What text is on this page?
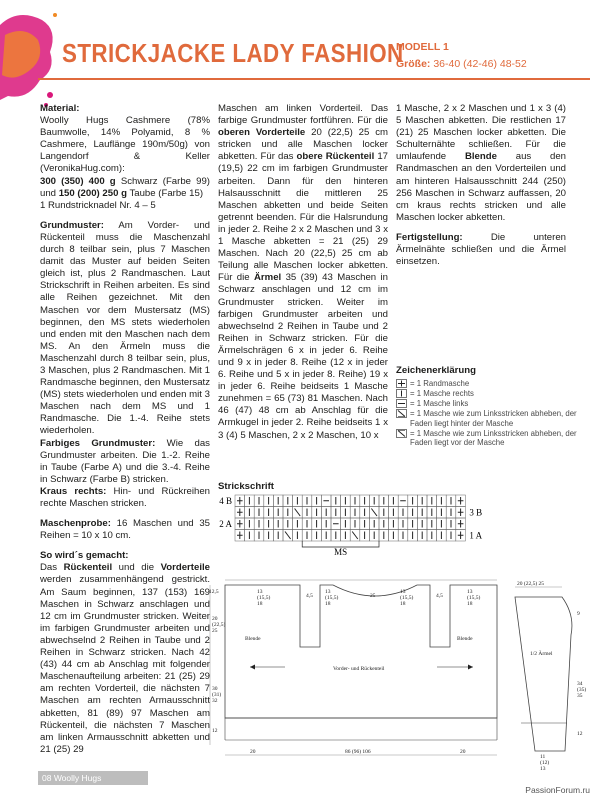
STRICKJACKE LADY FASHION
MODELL 1
Größe: 36-40 (42-46) 48-52

Material:
Woolly Hugs Cashmere (78% Baumwolle, 14% Polyamid, 8 % Cashmere, Lauflänge 190m/50g) von Langendorf & Keller (VeronikaHug.com):
300 (350) 400 g Schwarz (Farbe 99) und 150 (200) 250 g Taube (Farbe 15)
1 Rundstricknadel Nr. 4 – 5

Grundmuster: Am Vorder- und Rückenteil muss die Maschenzahl durch 8 teilbar sein, plus 7 Maschen damit das Muster auf beiden Seiten gleich ist, plus 2 Randmaschen. Laut Strickschrift in Reihen arbeiten. Es sind alle Reihen gezeichnet. Mit den Maschen vor dem Mustersatz (MS) beginnen, den MS stets wiederholen und enden mit den Maschen nach dem MS. An den Ärmeln muss die Maschenzahl durch 8 teilbar sein, plus, 3 Maschen, plus 2 Randmaschen. Mit 1 Randmasche beginnen, den Mustersatz (MS) stets wiederholen und enden mit 3 Maschen nach dem MS und 1 Randmasche. Die 1.-4. Reihe stets wiederholen.
Farbiges Grundmuster: Wie das Grundmuster arbeiten. Die 1.-2. Reihe in Taube (Farbe A) und die 3.-4. Reihe in Schwarz (Farbe B) stricken.
Kraus rechts: Hin- und Rückreihen rechte Maschen stricken.

Maschenprobe: 16 Maschen und 35 Reihen = 10 x 10 cm.

So wird´s gemacht:
Das Rückenteil und die Vorderteile werden zusammenhängend gestrickt. Am Saum beginnen, 137 (153) 169 Maschen in Schwarz anschlagen und 12 cm im Grundmuster stricken. Weiter im farbigen Grundmuster arbeiten und abwechselnd 2 Reihen in Taube und 2 Reihen in Schwarz stricken. Nach 42 (43) 44 cm ab Anschlag mit folgender Maschenaufteilung arbeiten: 21 (25) 29 am rechten Vorderteil, die nächsten 7 Maschen am rechten Armausschnitt abketten, 81 (89) 97 Maschen am Rückenteil, die nächsten 7 Maschen am linken Armausschnitt abketten und 21 (25) 29

Maschen am linken Vorderteil. Das farbige Grundmuster fortführen. Für die oberen Vorderteile 20 (22,5) 25 cm stricken und alle Maschen locker abketten. Für das obere Rückenteil 17 (19,5) 22 cm im farbigen Grundmuster arbeiten. Dann für den hinteren Halsausschnitt die mittleren 25 Maschen abketten und beide Seiten getrennt beenden. Für die Halsrundung in jeder 2. Reihe 2 x 2 Maschen und 3 x 1 Masche abketten = 21 (25) 29 Maschen. Nach 20 (22,5) 25 cm ab Teilung alle Maschen locker abketten. Für die Ärmel 35 (39) 43 Maschen in Schwarz anschlagen und 12 cm im Grundmuster stricken. Weiter im farbigen Grundmuster arbeiten und abwechselnd 2 Reihen in Taube und 2 Reihen in Schwarz stricken. Für die Ärmelschrägen 6 x in jeder 6. Reihe und 9 x in jeder 8. Reihe (12 x in jeder 6. Reihe und 5 x in jeder 8. Reihe) 19 x in jeder 6. Reihe beidseits 1 Masche zunehmen = 65 (73) 81 Maschen. Nach 46 (47) 48 cm ab Anschlag für die Armkugel in jeder 2. Reihe beidseits 1 x 3 (4) 5 Maschen, 2 x 2 Maschen, 10 x

1 Masche, 2 x 2 Maschen und 1 x 3 (4) 5 Maschen abketten. Die restlichen 17 (21) 25 Maschen locker abketten. Die Schulternähte schließen. Für die umlaufende Blende aus den Randmaschen an den Vorderteilen und am hinteren Halsausschnitt 244 (250) 256 Maschen in Schwarz auffassen, 20 cm kraus rechts stricken und alle Maschen locker abketten.

Fertigstellung: Die unteren Ärmelnähte schließen und die Ärmel einsetzen.

Zeichenerklärung
= 1 Randmasche
= 1 Masche rechts
= 1 Masche links
= 1 Masche wie zum Linksstricken abheben, der Faden liegt hinter der Masche
= 1 Masche wie zum Linksstricken abheben, der Faden liegt vor der Masche
Strickschrift
4 B
3 B
2 A
1 A
MS
12,5	13 (15,5) 18
4,5
13 (15,5) 18
25
13 (15,5) 18
4,5
13 (15,5) 18
20 (22,5) 25
30 (31) 32
12
Blende	Blende
Vorder- und Rückenteil
20	86 (96) 106	20
20 (22,5) 25
9
1/2 Ärmel
34 (35) 35
12
11 (12) 13
08 Woolly Hugs
PassionForum.ru
